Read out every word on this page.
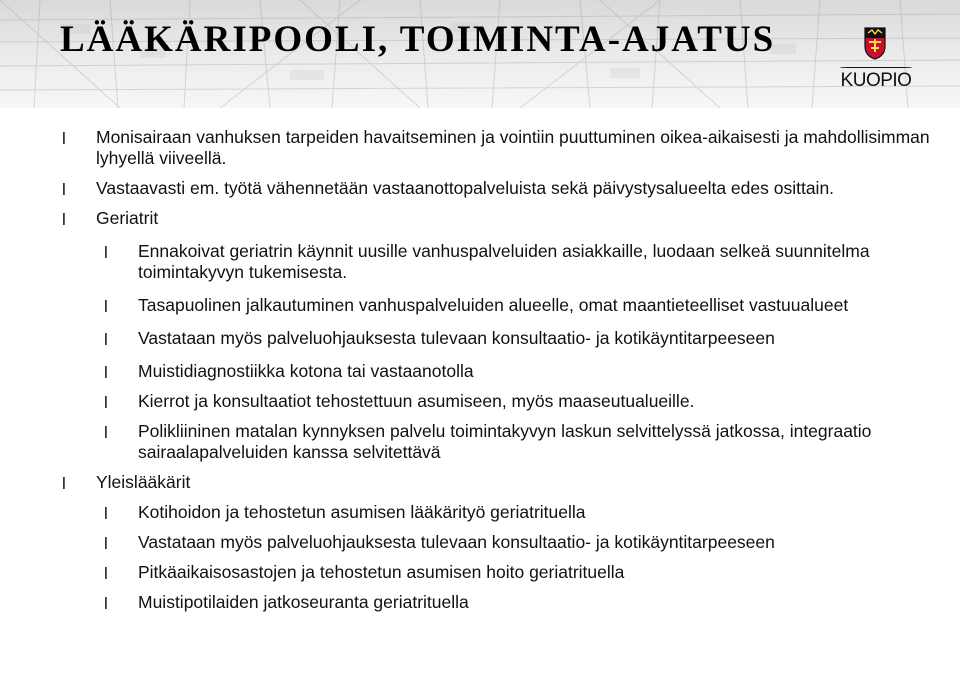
LÄÄKÄRIPOOLI, TOIMINTA-AJATUS
KUOPIO
l Monisairaan vanhuksen tarpeiden havaitseminen ja vointiin puuttuminen oikea-aikaisesti ja mahdollisimman lyhyellä viiveellä.
l Vastaavasti em. työtä vähennetään vastaanottopalveluista sekä päivystysalueelta edes osittain.
l Geriatrit
l Ennakoivat geriatrin käynnit uusille vanhuspalveluiden asiakkaille, luodaan selkeä suunnitelma toimintakyvyn tukemisesta.
l Tasapuolinen jalkautuminen vanhuspalveluiden alueelle, omat maantieteelliset vastuualueet
l Vastataan myös palveluohjauksesta tulevaan konsultaatio- ja kotikäyntitarpeeseen
l Muistidiagnostiikka kotona tai vastaanotolla
l Kierrot ja konsultaatiot tehostettuun asumiseen, myös maaseutualueille.
l Polikliininen matalan kynnyksen palvelu toimintakyvyn laskun selvittelyssä jatkossa, integraatio sairaalapalveluiden kanssa selvitettävä
l Yleislääkärit
l Kotihoidon ja tehostetun asumisen lääkärityö geriatrituella
l Vastataan myös palveluohjauksesta tulevaan konsultaatio- ja kotikäyntitarpeeseen
l Pitkäaikaisosastojen ja tehostetun asumisen hoito geriatrituella
l Muistipotilaiden jatkoseuranta geriatrituella
